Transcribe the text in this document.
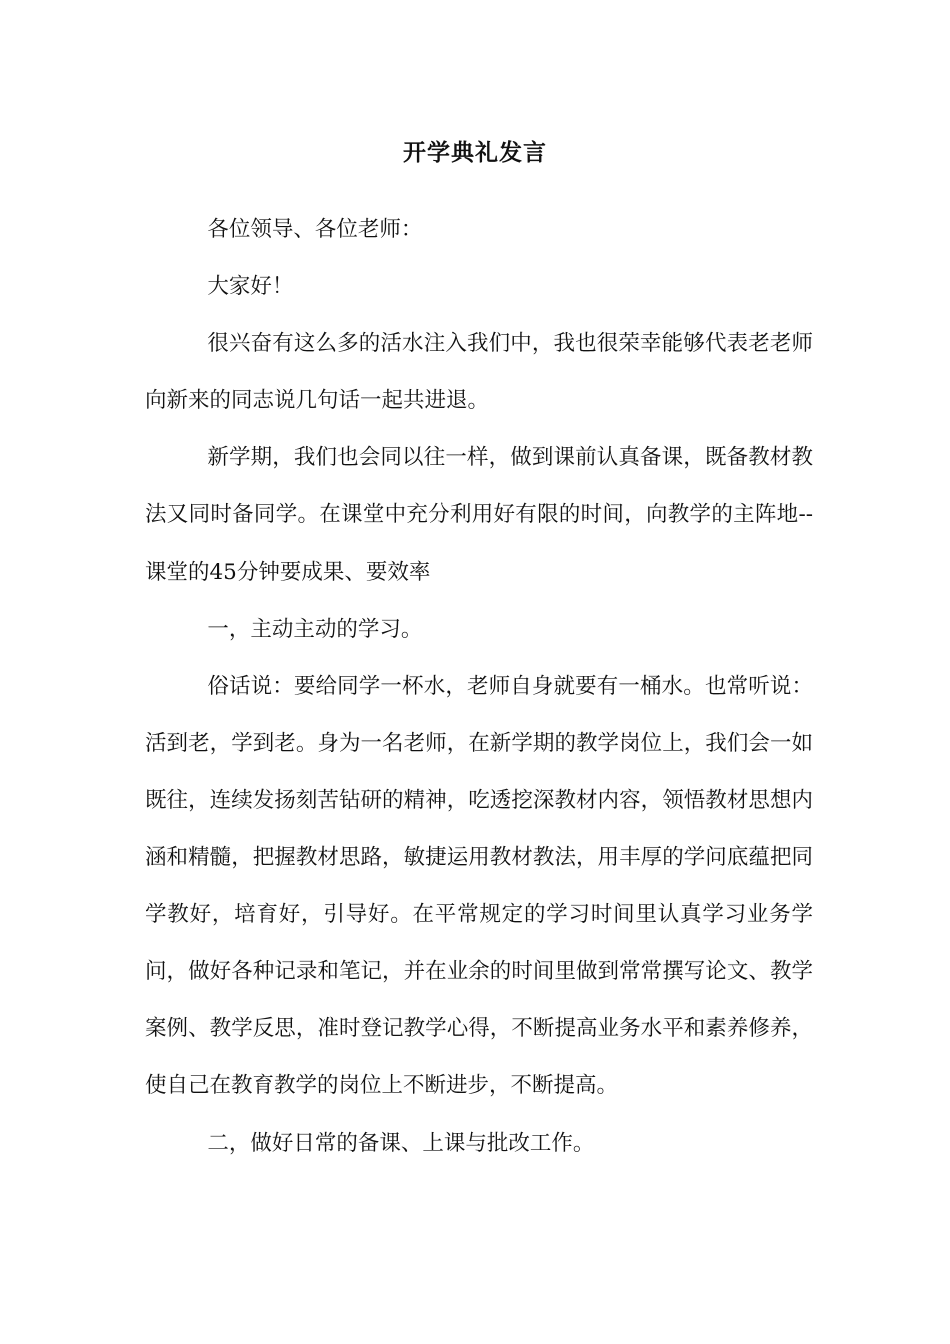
开学典礼发言

各位领导、各位老师：

大家好！

很兴奋有这么多的活水注入我们中，我也很荣幸能够代表老老师向新来的同志说几句话一起共进退。

新学期，我们也会同以往一样，做到课前认真备课，既备教材教法又同时备同学。在课堂中充分利用好有限的时间，向教学的主阵地--课堂的45分钟要成果、要效率

一，主动主动的学习。

俗话说：要给同学一杯水，老师自身就要有一桶水。也常听说：活到老，学到老。身为一名老师，在新学期的教学岗位上，我们会一如既往，连续发扬刻苦钻研的精神，吃透挖深教材内容，领悟教材思想内涵和精髓，把握教材思路，敏捷运用教材教法，用丰厚的学问底蕴把同学教好，培育好，引导好。在平常规定的学习时间里认真学习业务学问，做好各种记录和笔记，并在业余的时间里做到常常撰写论文、教学案例、教学反思，准时登记教学心得，不断提高业务水平和素养修养，使自己在教育教学的岗位上不断进步，不断提高。

二，做好日常的备课、上课与批改工作。
